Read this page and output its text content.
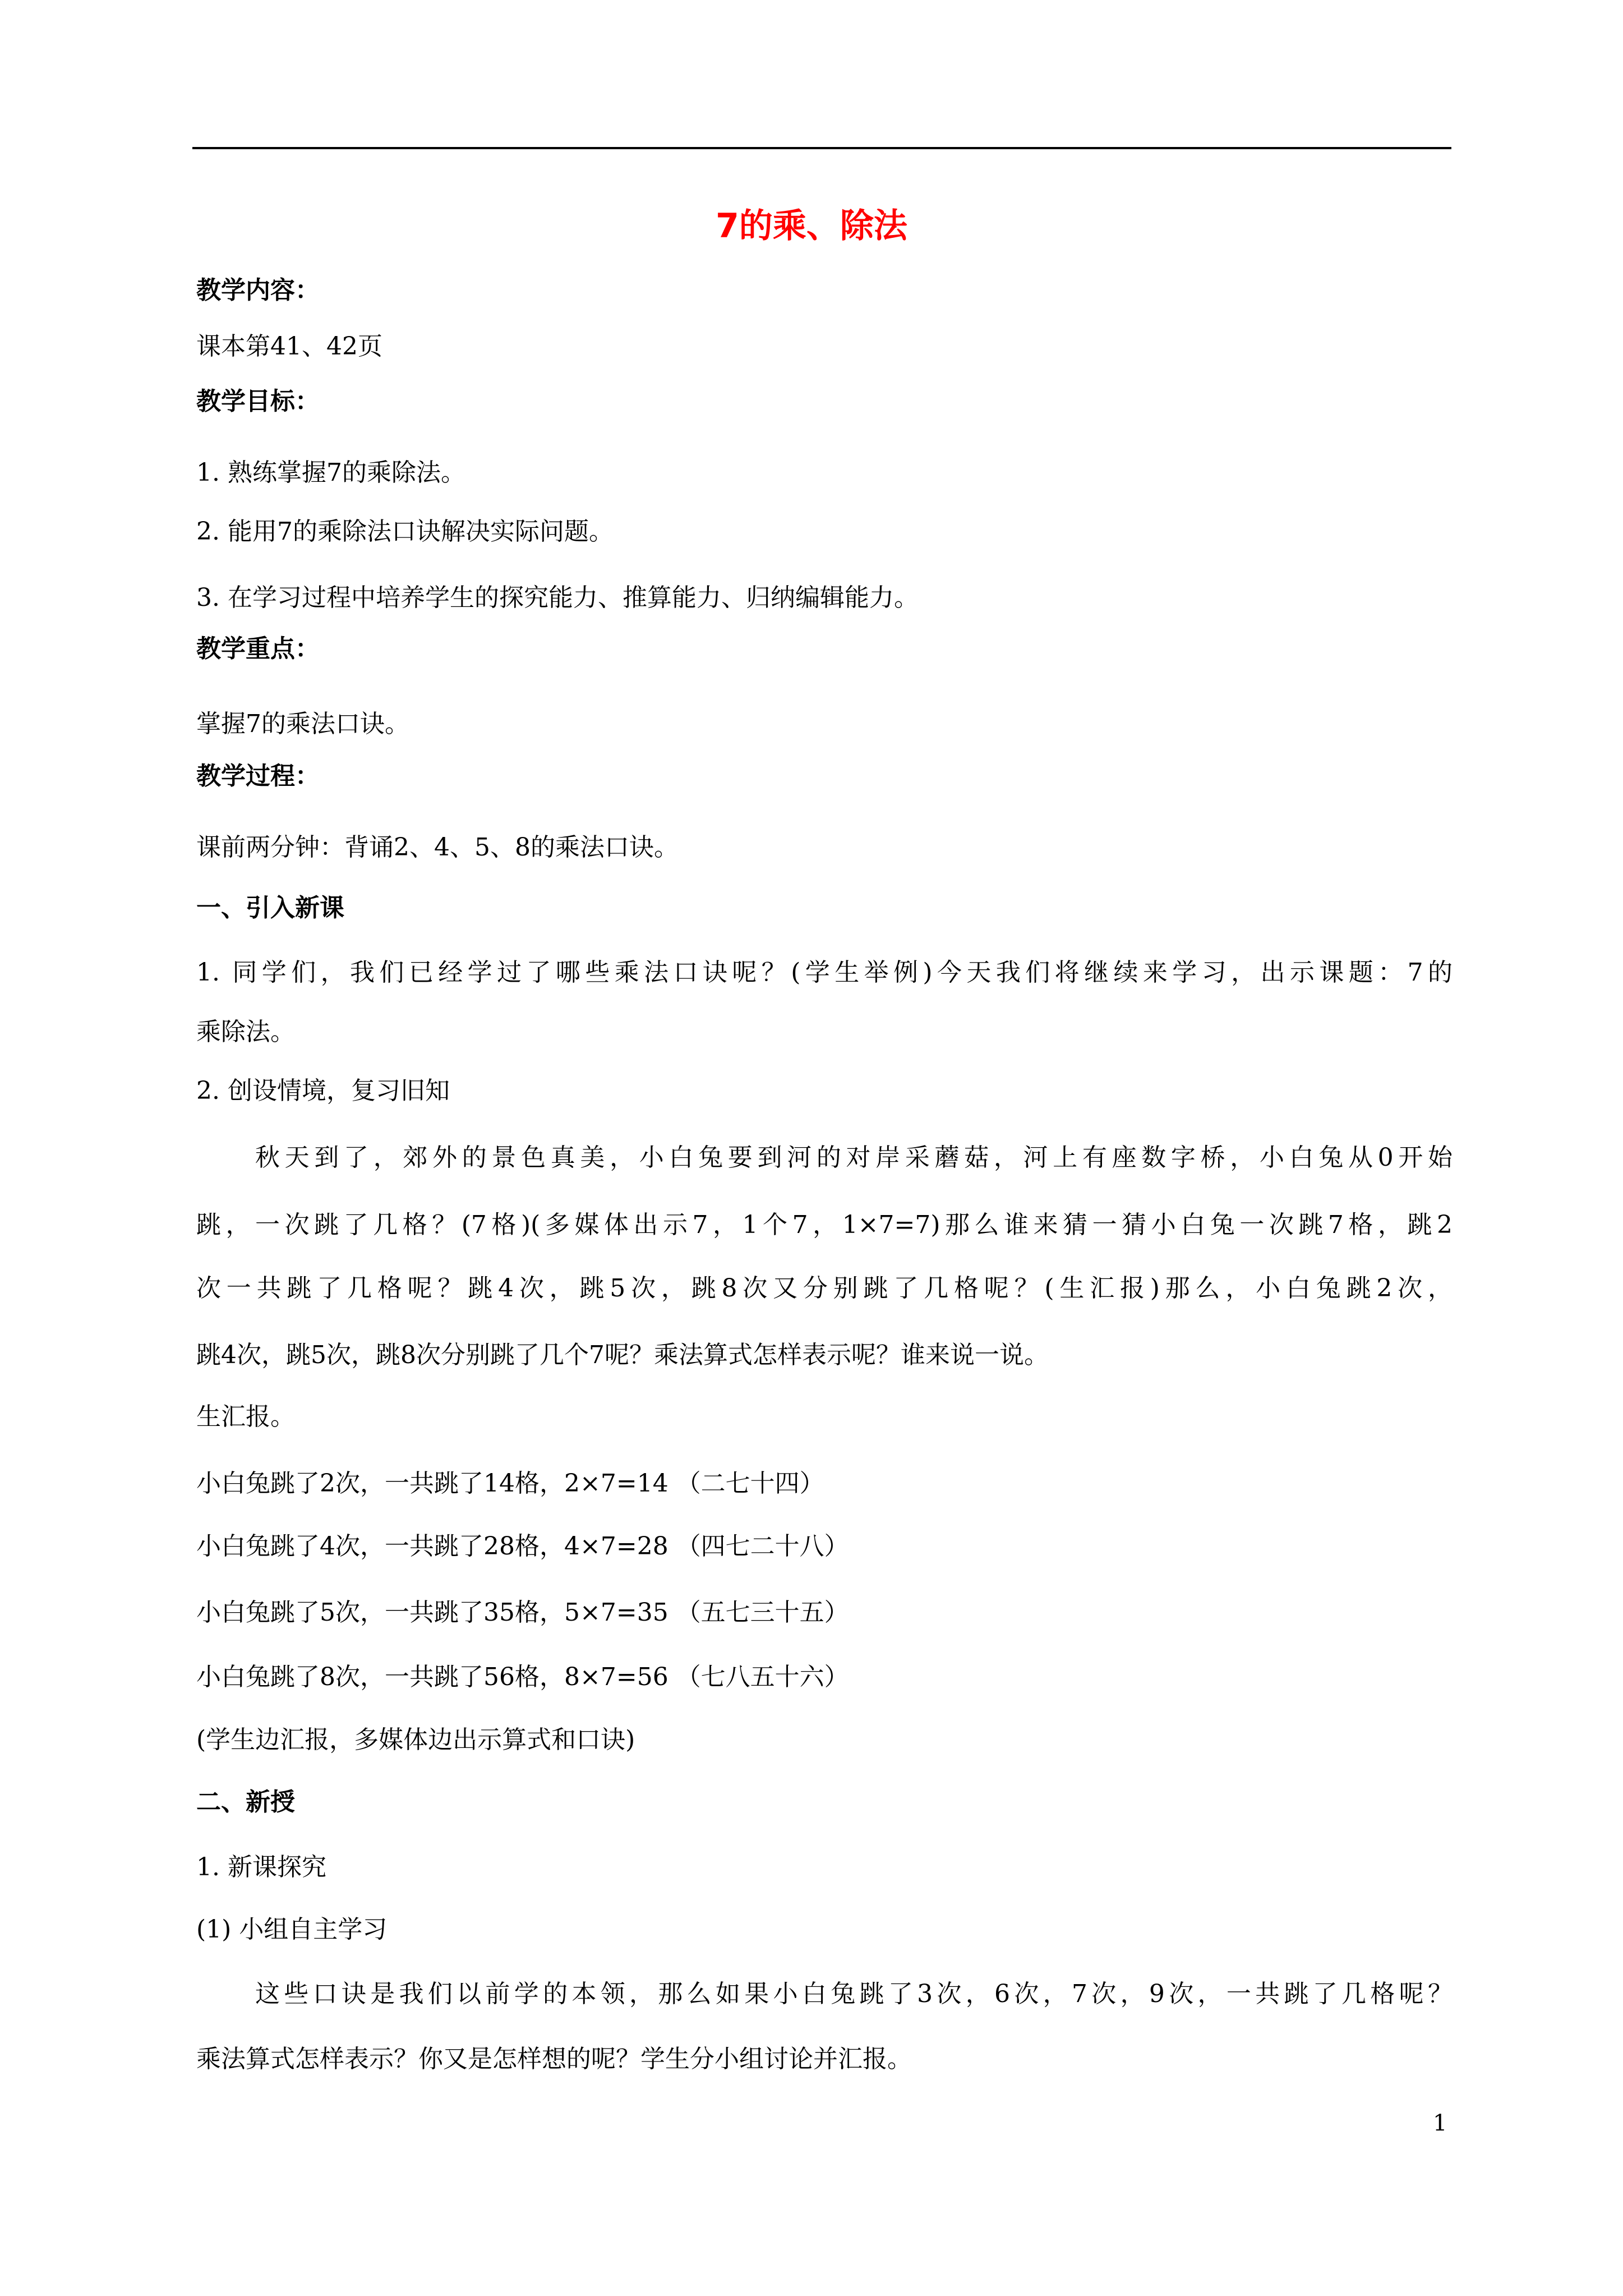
7的乘、除法
教学内容：
课本第41、42页
教学目标：
1. 熟练掌握7的乘除法。
2. 能用7的乘除法口诀解决实际问题。
3. 在学习过程中培养学生的探究能力、推算能力、归纳编辑能力。
教学重点：
掌握7的乘法口诀。
教学过程：
课前两分钟：背诵2、4、5、8的乘法口诀。
一、引入新课
1. 同学们，我们已经学过了哪些乘法口诀呢？(学生举例)今天我们将继续来学习，出示课题：7的
乘除法。
2. 创设情境，复习旧知
秋天到了，郊外的景色真美，小白兔要到河的对岸采蘑菇，河上有座数字桥，小白兔从0开始
跳，一次跳了几格？(7格)(多媒体出示7，1个7，1×7=7)那么谁来猜一猜小白兔一次跳7格，跳2
次一共跳了几格呢？跳4次，跳5次，跳8次又分别跳了几格呢？(生汇报)那么，小白兔跳2次，
跳4次，跳5次，跳8次分别跳了几个7呢？乘法算式怎样表示呢？谁来说一说。
生汇报。
小白兔跳了2次，一共跳了14格，2×7=14 （二七十四）
小白兔跳了4次，一共跳了28格，4×7=28 （四七二十八）
小白兔跳了5次，一共跳了35格，5×7=35 （五七三十五）
小白兔跳了8次，一共跳了56格，8×7=56 （七八五十六）
(学生边汇报，多媒体边出示算式和口诀)
二、新授
1. 新课探究
(1) 小组自主学习
这些口诀是我们以前学的本领，那么如果小白兔跳了3次，6次，7次，9次，一共跳了几格呢？
乘法算式怎样表示？你又是怎样想的呢？学生分小组讨论并汇报。
1
